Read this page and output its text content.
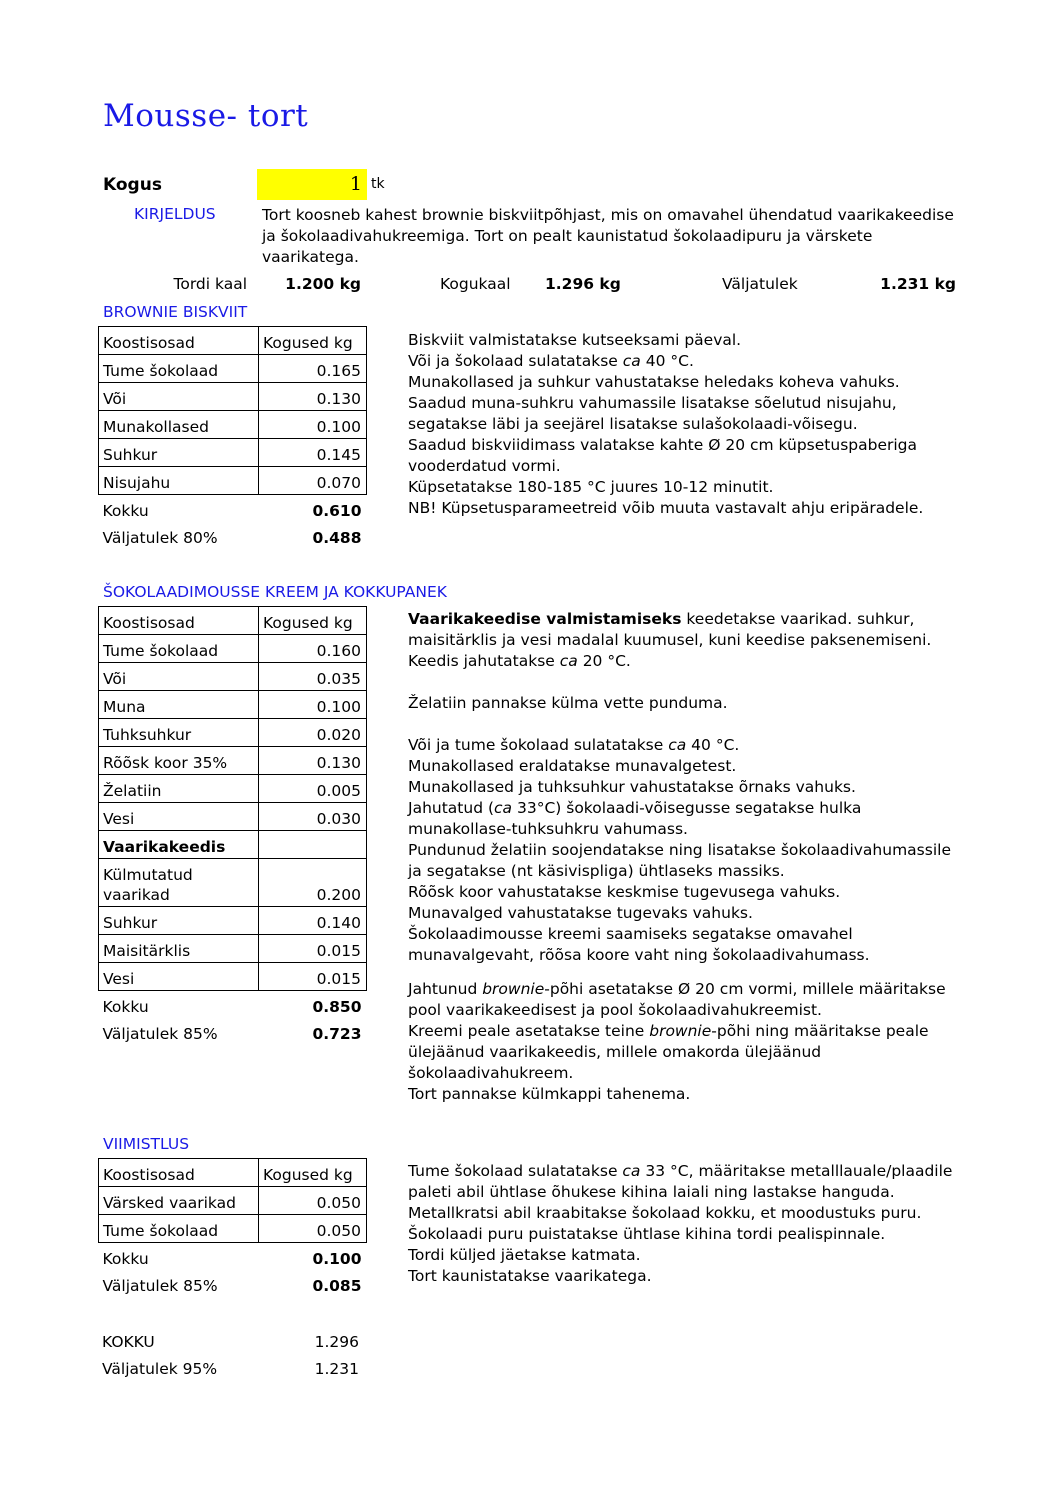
Mousse- tort
Kogus	1 tk
KIRJELDUS	Tort koosneb kahest brownie biskviitpõhjast, mis on omavahel ühendatud vaarikakeedise ja šokolaadivahukreemiga. Tort on pealt kaunistatud šokolaadipuru ja värskete vaarikatega.
Tordi kaal	1.200 kg	Kogukaal 1.296 kg	Väljatulek	1.231 kg
BROWNIE BISKVIIT
Koostisosad	Kogused kg
Tume šokolaad	0.165
Või	0.130
Munakollased	0.100
Suhkur	0.145
Nisujahu	0.070
Kokku	0.610
Väljatulek 80%	0.488

Biskviit valmistatakse kutseeksami päeval.

Või ja šokolaad sulatatakse ca 40 °C.

Munakollased ja suhkur vahustatakse heledaks koheva vahuks.

Saadud muna-suhkru vahumassile lisatakse sõelutud nisujahu,

segatakse läbi ja seejärel lisatakse sulašokolaadi-võisegu.

Saadud biskviidimass valatakse kahte Ø 20 cm küpsetuspaberiga

vooderdatud vormi.

Küpsetatakse 180-185 °C juures 10-12 minutit.

NB! Küpsetusparameetreid võib muuta vastavalt ahju eripäradele.

ŠOKOLAADIMOUSSE KREEM JA KOKKUPANEK
Koostisosad	Kogused kg
Tume šokolaad	0.160
Või	0.035
Muna	0.100
Tuhksuhkur	0.020
Rõõsk koor 35%	0.130
Želatiin	0.005
Vesi	0.030
Vaarikakeedis	
Külmutatud vaarikad	0.200
Suhkur	0.140
Maisitärklis	0.015
Vesi	0.015
Kokku	0.850
Väljatulek 85%	0.723

Vaarikakeedise valmistamiseks keedetakse vaarikad. suhkur, maisitärklis ja vesi madalal kuumusel, kuni keedise paksenemiseni.

Keedis jahutatakse ca 20 °C.

Želatiin pannakse külma vette punduma.

Või ja tume šokolaad sulatatakse ca 40 °C.

Munakollased eraldatakse munavalgetest.

Munakollased ja tuhksuhkur vahustatakse õrnaks vahuks.

Jahutatud (ca 33°C) šokolaadi-võisegusse segatakse hulka munakollase-tuhksuhkru vahumass.

Pundunud želatiin soojendatakse ning lisatakse šokolaadivahumassile ja segatakse (nt käsivispliga) ühtlaseks massiks.

Rõõsk koor vahustatakse keskmise tugevusega vahuks.

Munavalged vahustatakse tugevaks vahuks.

Šokolaadimousse kreemi saamiseks segatakse omavahel munavalgevaht, rõõsa koore vaht ning šokolaadivahumass.

Jahtunud brownie-põhi asetatakse Ø 20 cm vormi, millele määritakse pool vaarikakeedisest ja pool šokolaadivahukreemist.

Kreemi peale asetatakse teine brownie-põhi ning määritakse peale ülejäänud vaarikakeedis, millele omakorda ülejäänud šokolaadivahukreem.

Tort pannakse külmkappi tahenema.

VIIMISTLUS
Koostisosad	Kogused kg
Värsked vaarikad	0.050
Tume šokolaad	0.050
Kokku	0.100
Väljatulek 85%	0.085

Tume šokolaad sulatatakse ca 33 °C, määritakse metalllauale/plaadile paleti abil ühtlase õhukese kihina laiali ning lastakse hanguda.

Metallkratsi abil kraabitakse šokolaad kokku, et moodustuks puru.

Šokolaadi puru puistatakse ühtlase kihina tordi pealispinnale.

Tordi küljed jäetakse katmata.

Tort kaunistatakse vaarikatega.

KOKKU	1.296
Väljatulek 95%	1.231
